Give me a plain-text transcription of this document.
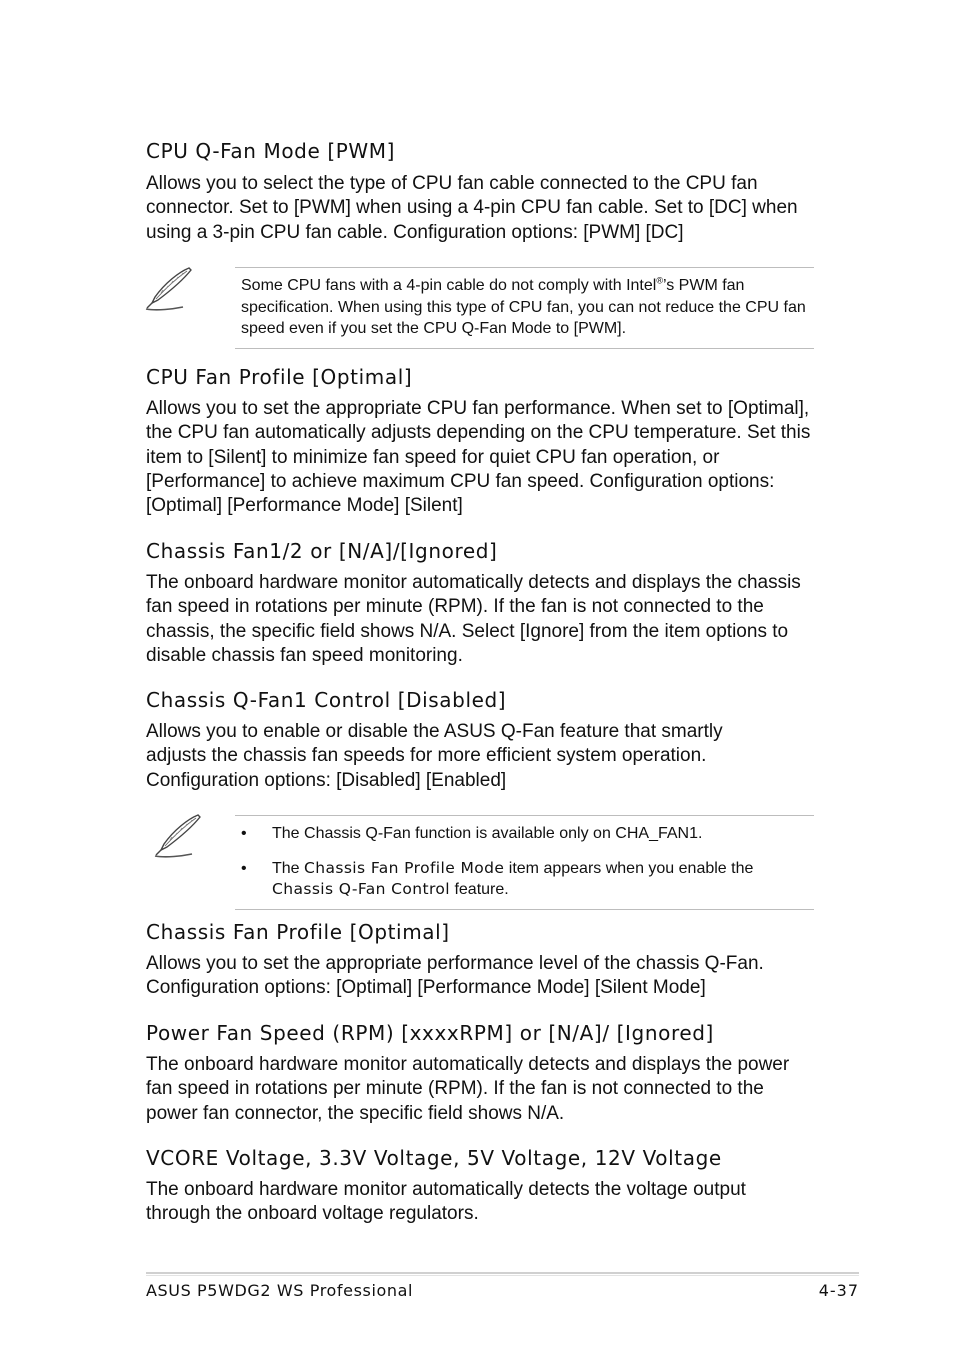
CPU Q-Fan Mode [PWM]

Allows you to select the type of CPU fan cable connected to the CPU fan connector. Set to [PWM] when using a 4-pin CPU fan cable. Set to [DC] when using a 3-pin CPU fan cable. Configuration options: [PWM] [DC]

Some CPU fans with a 4-pin cable do not comply with Intel®’s PWM fan specification. When using this type of CPU fan, you can not reduce the CPU fan speed even if you set the CPU Q-Fan Mode to [PWM].

CPU Fan Profile [Optimal]

Allows you to set the appropriate CPU fan performance. When set to [Optimal], the CPU fan automatically adjusts depending on the CPU temperature. Set this item to [Silent] to minimize fan speed for quiet CPU fan operation, or [Performance] to achieve maximum CPU fan speed. Configuration options: [Optimal] [Performance Mode] [Silent]

Chassis Fan1/2 or [N/A]/[Ignored]

The onboard hardware monitor automatically detects and displays the chassis fan speed in rotations per minute (RPM). If the fan is not connected to the chassis, the specific field shows N/A. Select [Ignore] from the item options to disable chassis fan speed monitoring.

Chassis Q-Fan1 Control [Disabled]

Allows you to enable or disable the ASUS Q-Fan feature that smartly adjusts the chassis fan speeds for more efficient system operation. Configuration options: [Disabled] [Enabled]

• The Chassis Q-Fan function is available only on CHA_FAN1.
• The Chassis Fan Profile Mode item appears when you enable the Chassis Q-Fan Control feature.
Chassis Fan Profile [Optimal]

Allows you to set the appropriate performance level of the chassis Q-Fan. Configuration options: [Optimal] [Performance Mode] [Silent Mode]

Power Fan Speed (RPM) [xxxxRPM] or [N/A]/ [Ignored]

The onboard hardware monitor automatically detects and displays the power fan speed in rotations per minute (RPM). If the fan is not connected to the power fan connector, the specific field shows N/A.

VCORE Voltage, 3.3V Voltage, 5V Voltage, 12V Voltage

The onboard hardware monitor automatically detects the voltage output through the onboard voltage regulators.

ASUS P5WDG2 WS Professional	4-37
